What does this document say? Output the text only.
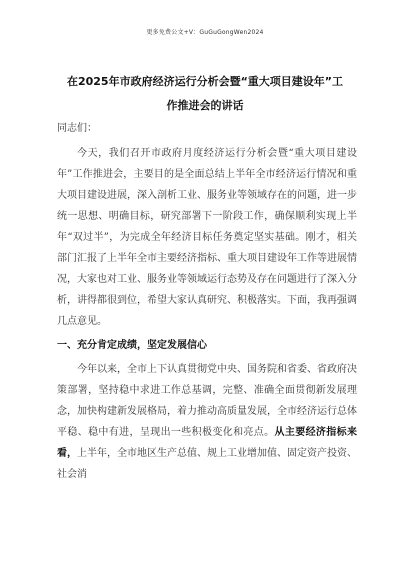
更多免费公文+V：GuGuGongWen2024
在2025年市政府经济运行分析会暨“重大项目建设年”工
作推进会的讲话

同志们：

今天，我们召开市政府月度经济运行分析会暨“重大项目建设年”工作推进会，主要目的是全面总结上半年全市经济运行情况和重大项目建设进展，深入剖析工业、服务业等领域存在的问题，进一步统一思想、明确目标，研究部署下一阶段工作，确保顺利实现上半年“双过半”，为完成全年经济目标任务奠定坚实基础。刚才，相关部门汇报了上半年全市主要经济指标、重大项目建设年工作等进展情况，大家也对工业、服务业等领域运行态势及存在问题进行了深入分析，讲得都很到位，希望大家认真研究、积极落实。下面，我再强调几点意见。

一、充分肯定成绩，坚定发展信心

今年以来，全市上下认真贯彻党中央、国务院和省委、省政府决策部署，坚持稳中求进工作总基调，完整、准确全面贯彻新发展理念，加快构建新发展格局，着力推动高质量发展，全市经济运行总体平稳、稳中有进，呈现出一些积极变化和亮点。从主要经济指标来看，上半年，全市地区生产总值、规上工业增加值、固定资产投资、社会消
